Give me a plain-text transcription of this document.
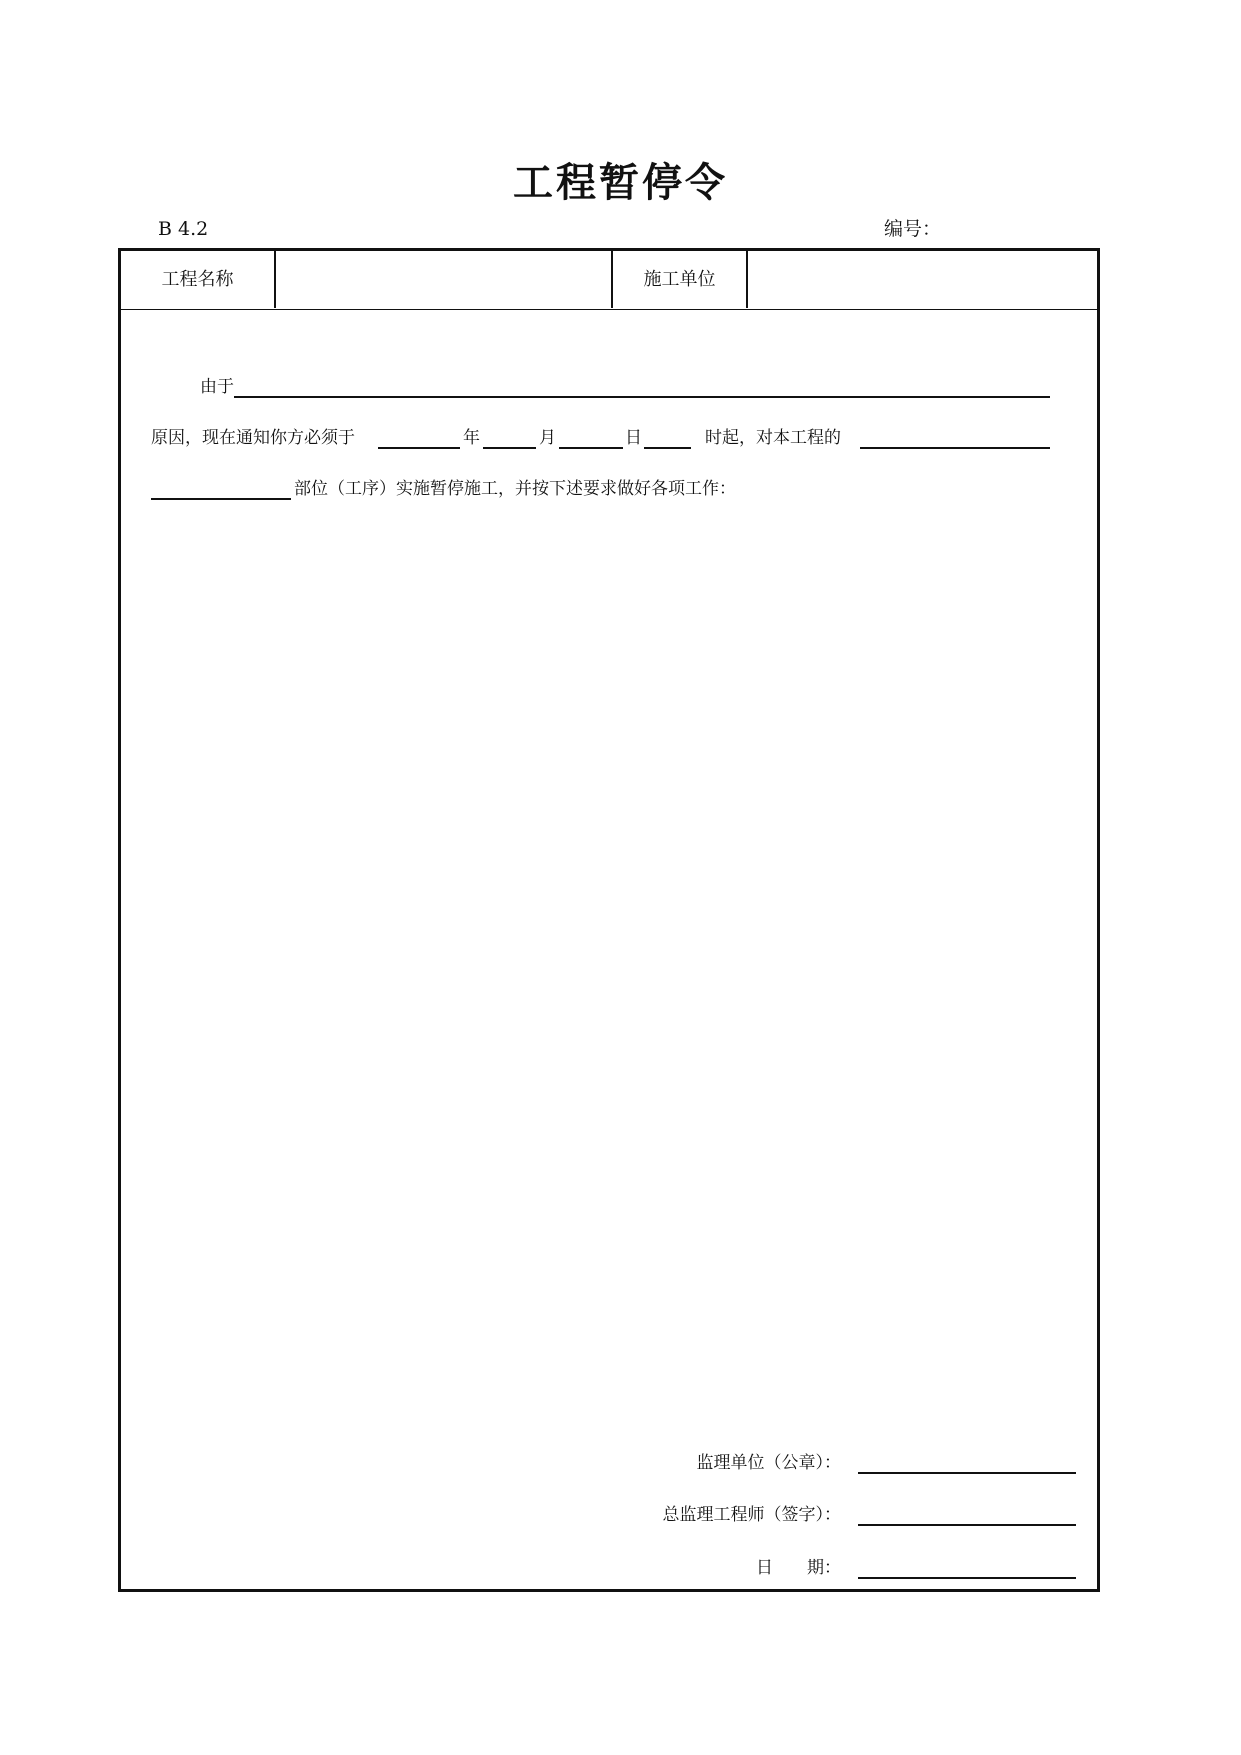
工程暂停令
B 4.2	编号：
工程名称	施工单位
由于
原因，现在通知你方必须于	年	月	日	时起，对本工程的
部位（工序）实施暂停施工，并按下述要求做好各项工作：
监理单位（公章）：
总监理工程师（签字）：
日　　期：
